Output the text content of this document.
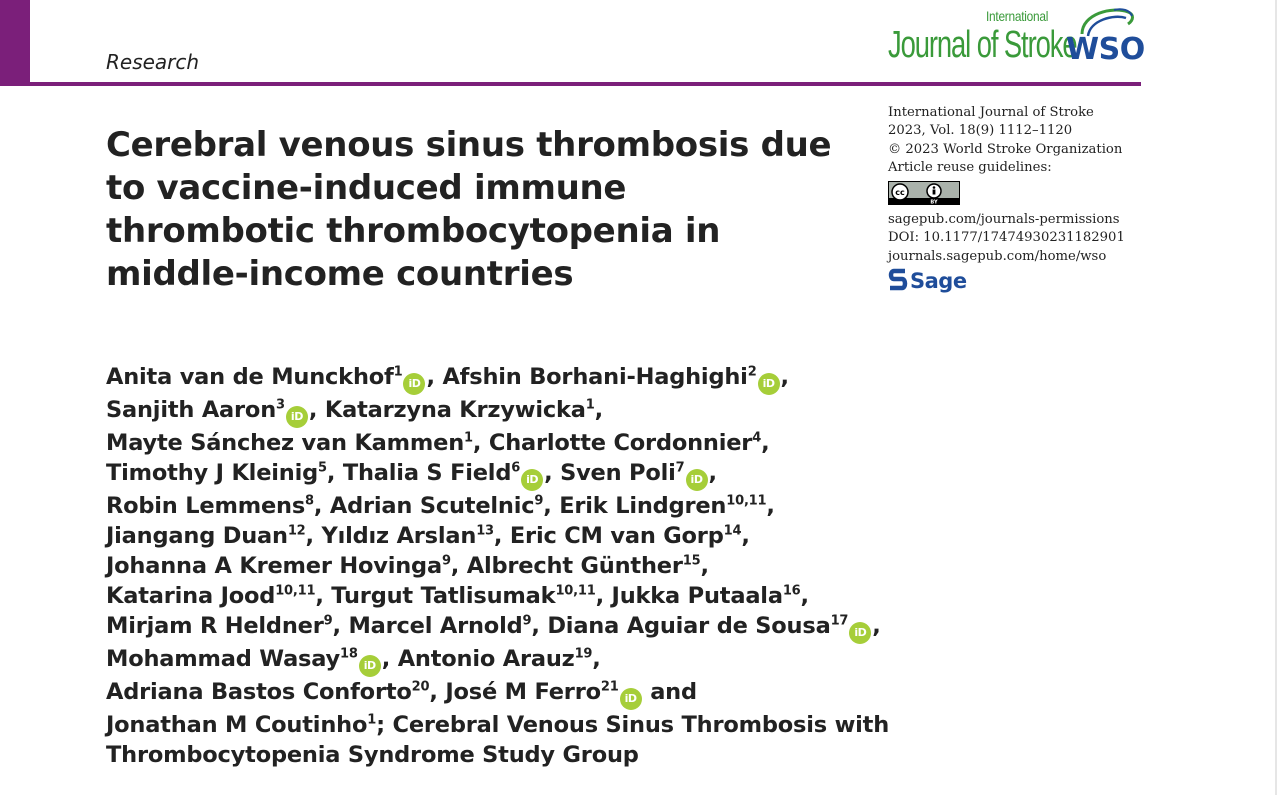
Research
International
Journal of Stroke
WSO
International Journal of Stroke
2023, Vol. 18(9) 1112–1120
© 2023 World Stroke Organization
Article reuse guidelines:
cc
BY
sagepub.com/journals-permissions
DOI: 10.1177/17474930231182901
journals.sagepub.com/home/wso
Sage
Cerebral venous sinus thrombosis due to vaccine-induced immune thrombotic thrombocytopenia in middle-income countries
Anita van de Munckhof$^1$iD , Afshin Borhani-Haghighi$^2$iD ,
Sanjith Aaron$^3$iD , Katarzyna Krzywicka$^1$,
Mayte Sánchez van Kammen$^1$, Charlotte Cordonnier$^4$,
Timothy J Kleinig$^5$, Thalia S Field$^6$iD , Sven Poli$^7$iD ,
Robin Lemmens$^8$, Adrian Scutelnic$^9$, Erik Lindgren$^{10,11}$,
Jiangang Duan$^{12}$, Yıldız Arslan$^{13}$, Eric CM van Gorp$^{14}$,
Johanna A Kremer Hovinga$^9$, Albrecht Günther$^{15}$,
Katarina Jood$^{10,11}$, Turgut Tatlisumak$^{10,11}$, Jukka Putaala$^{16}$,
Mirjam R Heldner$^9$, Marcel Arnold$^9$, Diana Aguiar de Sousa$^{17}$iD ,
Mohammad Wasay$^{18}$iD , Antonio Arauz$^{19}$,
Adriana Bastos Conforto$^{20}$, José M Ferro$^{21}$iD and
Jonathan M Coutinho$^1$; Cerebral Venous Sinus Thrombosis with
Thrombocytopenia Syndrome Study Group
